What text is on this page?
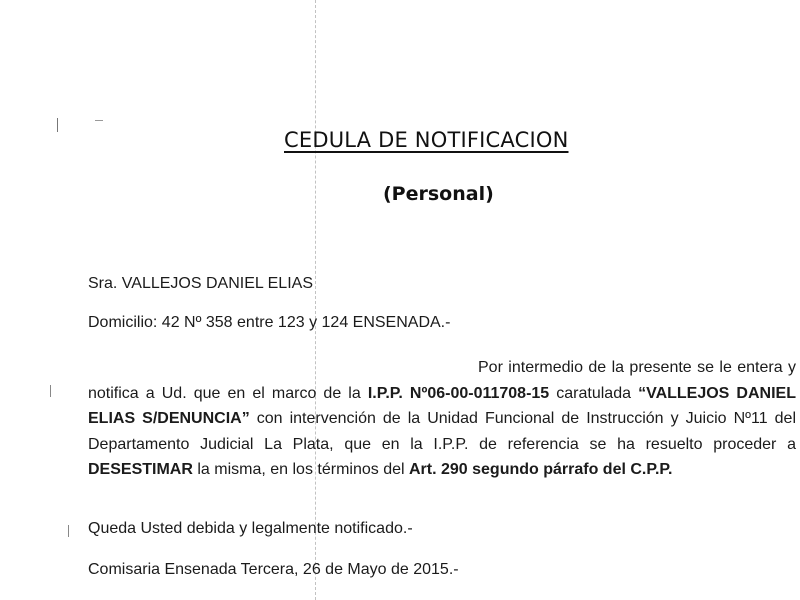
CEDULA DE NOTIFICACION
(Personal)
Sra. VALLEJOS DANIEL ELIAS
Domicilio: 42 Nº 358 entre 123 y 124 ENSENADA.-
Por intermedio de la presente se le entera y notifica a Ud. que en el marco de la I.P.P. Nº06-00-011708-15 caratulada “VALLEJOS DANIEL ELIAS S/DENUNCIA” con intervención de la Unidad Funcional de Instrucción y Juicio Nº11 del Departamento Judicial La Plata, que en la I.P.P. de referencia se ha resuelto proceder a DESESTIMAR la misma, en los términos del Art. 290 segundo párrafo del C.P.P.
Queda Usted debida y legalmente notificado.-
Comisaria Ensenada Tercera, 26 de Mayo de 2015.-
